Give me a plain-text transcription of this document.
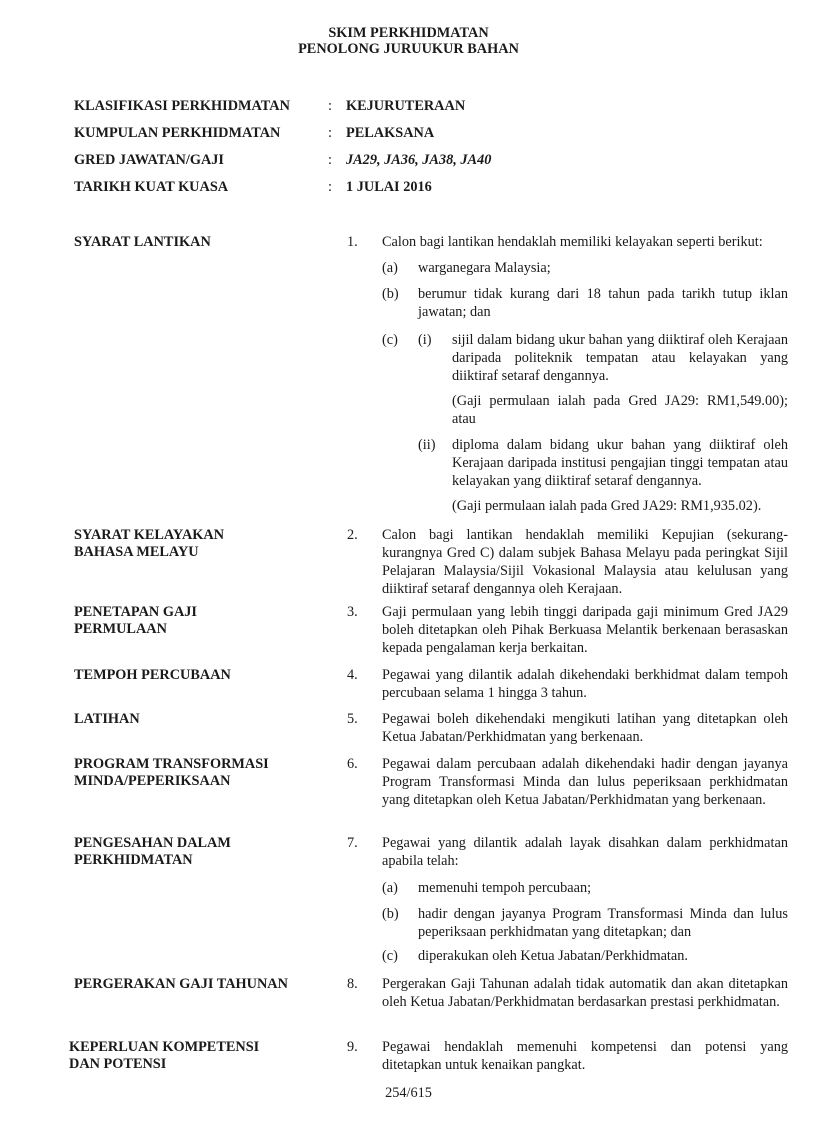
SKIM PERKHIDMATAN
PENOLONG JURUUKUR BAHAN
KLASIFIKASI PERKHIDMATAN	: KEJURUTERAAN
KUMPULAN PERKHIDMATAN	: PELAKSANA
GRED JAWATAN/GAJI	: JA29, JA36, JA38, JA40
TARIKH KUAT KUASA	: 1 JULAI 2016
SYARAT LANTIKAN	1. Calon bagi lantikan hendaklah memiliki kelayakan seperti berikut:
(a) warganegara Malaysia;
(b) berumur tidak kurang dari 18 tahun pada tarikh tutup iklan jawatan; dan
(c) (i) sijil dalam bidang ukur bahan yang diiktiraf oleh Kerajaan daripada politeknik tempatan atau kelayakan yang diiktiraf setaraf dengannya.
(Gaji permulaan ialah pada Gred JA29: RM1,549.00); atau
(ii) diploma dalam bidang ukur bahan yang diiktiraf oleh Kerajaan daripada institusi pengajian tinggi tempatan atau kelayakan yang diiktiraf setaraf dengannya.
(Gaji permulaan ialah pada Gred JA29: RM1,935.02).
SYARAT KELAYAKAN
BAHASA MELAYU
2. Calon bagi lantikan hendaklah memiliki Kepujian (sekurang-kurangnya Gred C) dalam subjek Bahasa Melayu pada peringkat Sijil Pelajaran Malaysia/Sijil Vokasional Malaysia atau kelulusan yang diiktiraf setaraf dengannya oleh Kerajaan.
PENETAPAN GAJI
PERMULAAN
3. Gaji permulaan yang lebih tinggi daripada gaji minimum Gred JA29 boleh ditetapkan oleh Pihak Berkuasa Melantik berkenaan berasaskan kepada pengalaman kerja berkaitan.
TEMPOH PERCUBAAN	4. Pegawai yang dilantik adalah dikehendaki berkhidmat dalam tempoh percubaan selama 1 hingga 3 tahun.
LATIHAN	5. Pegawai boleh dikehendaki mengikuti latihan yang ditetapkan oleh Ketua Jabatan/Perkhidmatan yang berkenaan.
PROGRAM TRANSFORMASI
MINDA/PEPERIKSAAN
6. Pegawai dalam percubaan adalah dikehendaki hadir dengan jayanya Program Transformasi Minda dan lulus peperiksaan perkhidmatan yang ditetapkan oleh Ketua Jabatan/Perkhidmatan yang berkenaan.
PENGESAHAN DALAM
PERKHIDMATAN
7. Pegawai yang dilantik adalah layak disahkan dalam perkhidmatan apabila telah:
(a) memenuhi tempoh percubaan;
(b) hadir dengan jayanya Program Transformasi Minda dan lulus peperiksaan perkhidmatan yang ditetapkan; dan
(c) diperakukan oleh Ketua Jabatan/Perkhidmatan.
PERGERAKAN GAJI TAHUNAN	8. Pergerakan Gaji Tahunan adalah tidak automatik dan akan ditetapkan oleh Ketua Jabatan/Perkhidmatan berdasarkan prestasi perkhidmatan.
KEPERLUAN KOMPETENSI
DAN POTENSI
9. Pegawai hendaklah memenuhi kompetensi dan potensi yang ditetapkan untuk kenaikan pangkat.
254/615
